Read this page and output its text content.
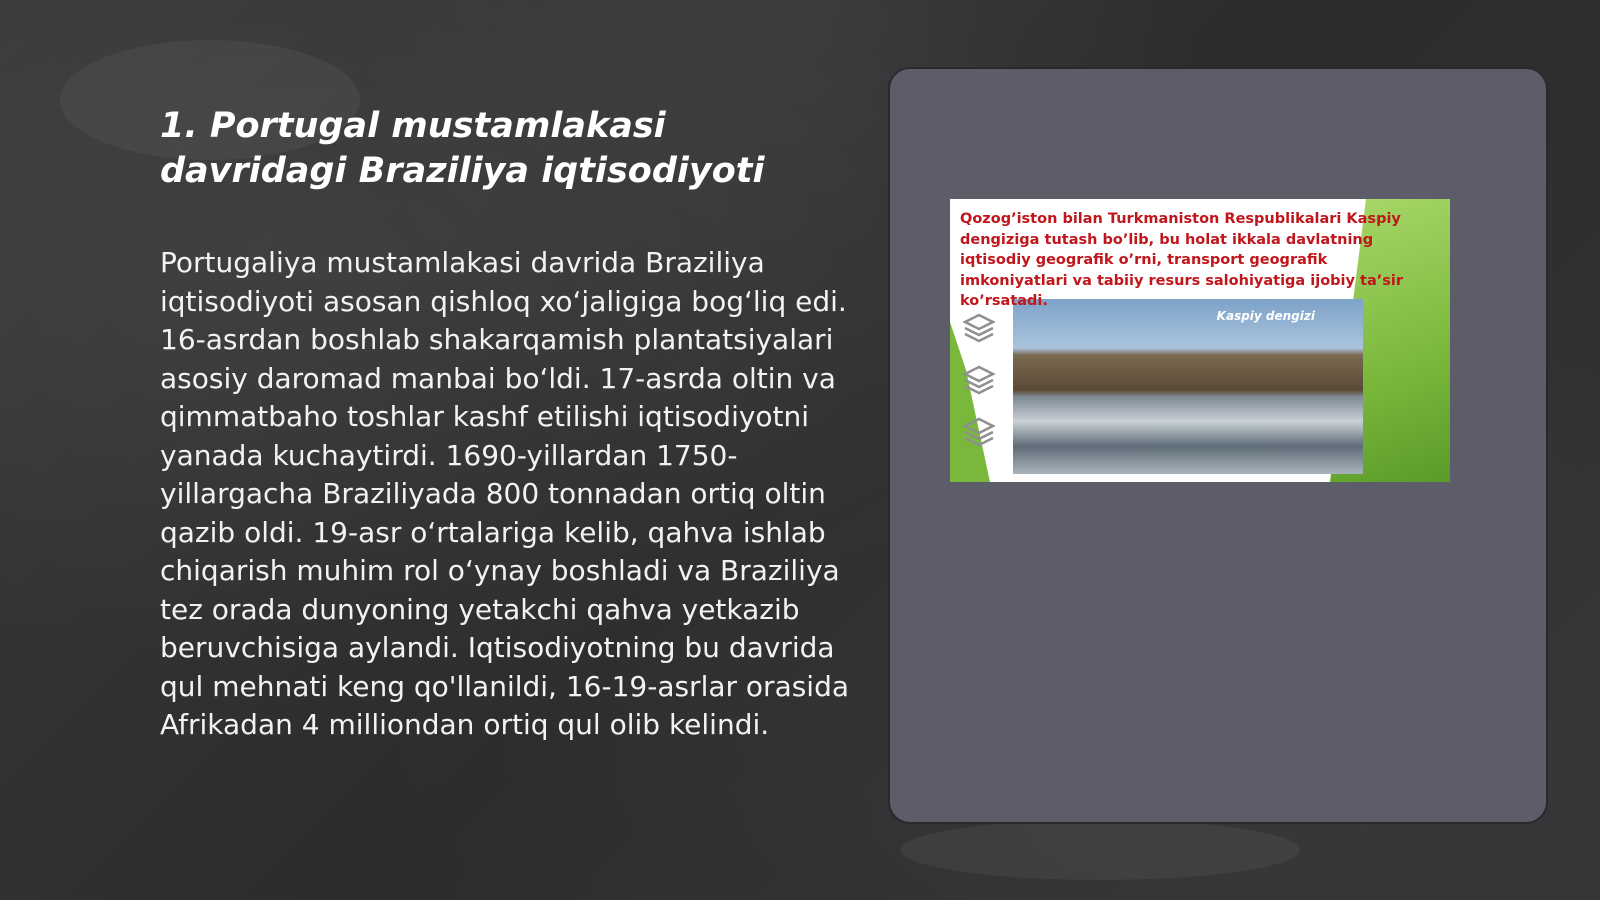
1. Portugal mustamlakasi davridagi Braziliya iqtisodiyoti

Portugaliya mustamlakasi davrida Braziliya iqtisodiyoti asosan qishloq xo‘jaligiga bog‘liq edi. 16-asrdan boshlab shakarqamish plantatsiyalari asosiy daromad manbai bo‘ldi. 17-asrda oltin va qimmatbaho toshlar kashf etilishi iqtisodiyotni yanada kuchaytirdi. 1690-yillardan 1750-yillargacha Braziliyada 800 tonnadan ortiq oltin qazib oldi. 19-asr o‘rtalariga kelib, qahva ishlab chiqarish muhim rol o‘ynay boshladi va Braziliya tez orada dunyoning yetakchi qahva yetkazib beruvchisiga aylandi. Iqtisodiyotning bu davrida qul mehnati keng qo'llanildi, 16-19-asrlar orasida Afrikadan 4 milliondan ortiq qul olib kelindi.

Qozog’iston bilan Turkmaniston Respublikalari Kaspiy dengiziga tutash bo’lib, bu holat ikkala davlatning iqtisodiy geografik o’rni, transport geografik imkoniyatlari va tabiiy resurs salohiyatiga ijobiy ta’sir ko’rsatadi.
Kaspiy dengizi
